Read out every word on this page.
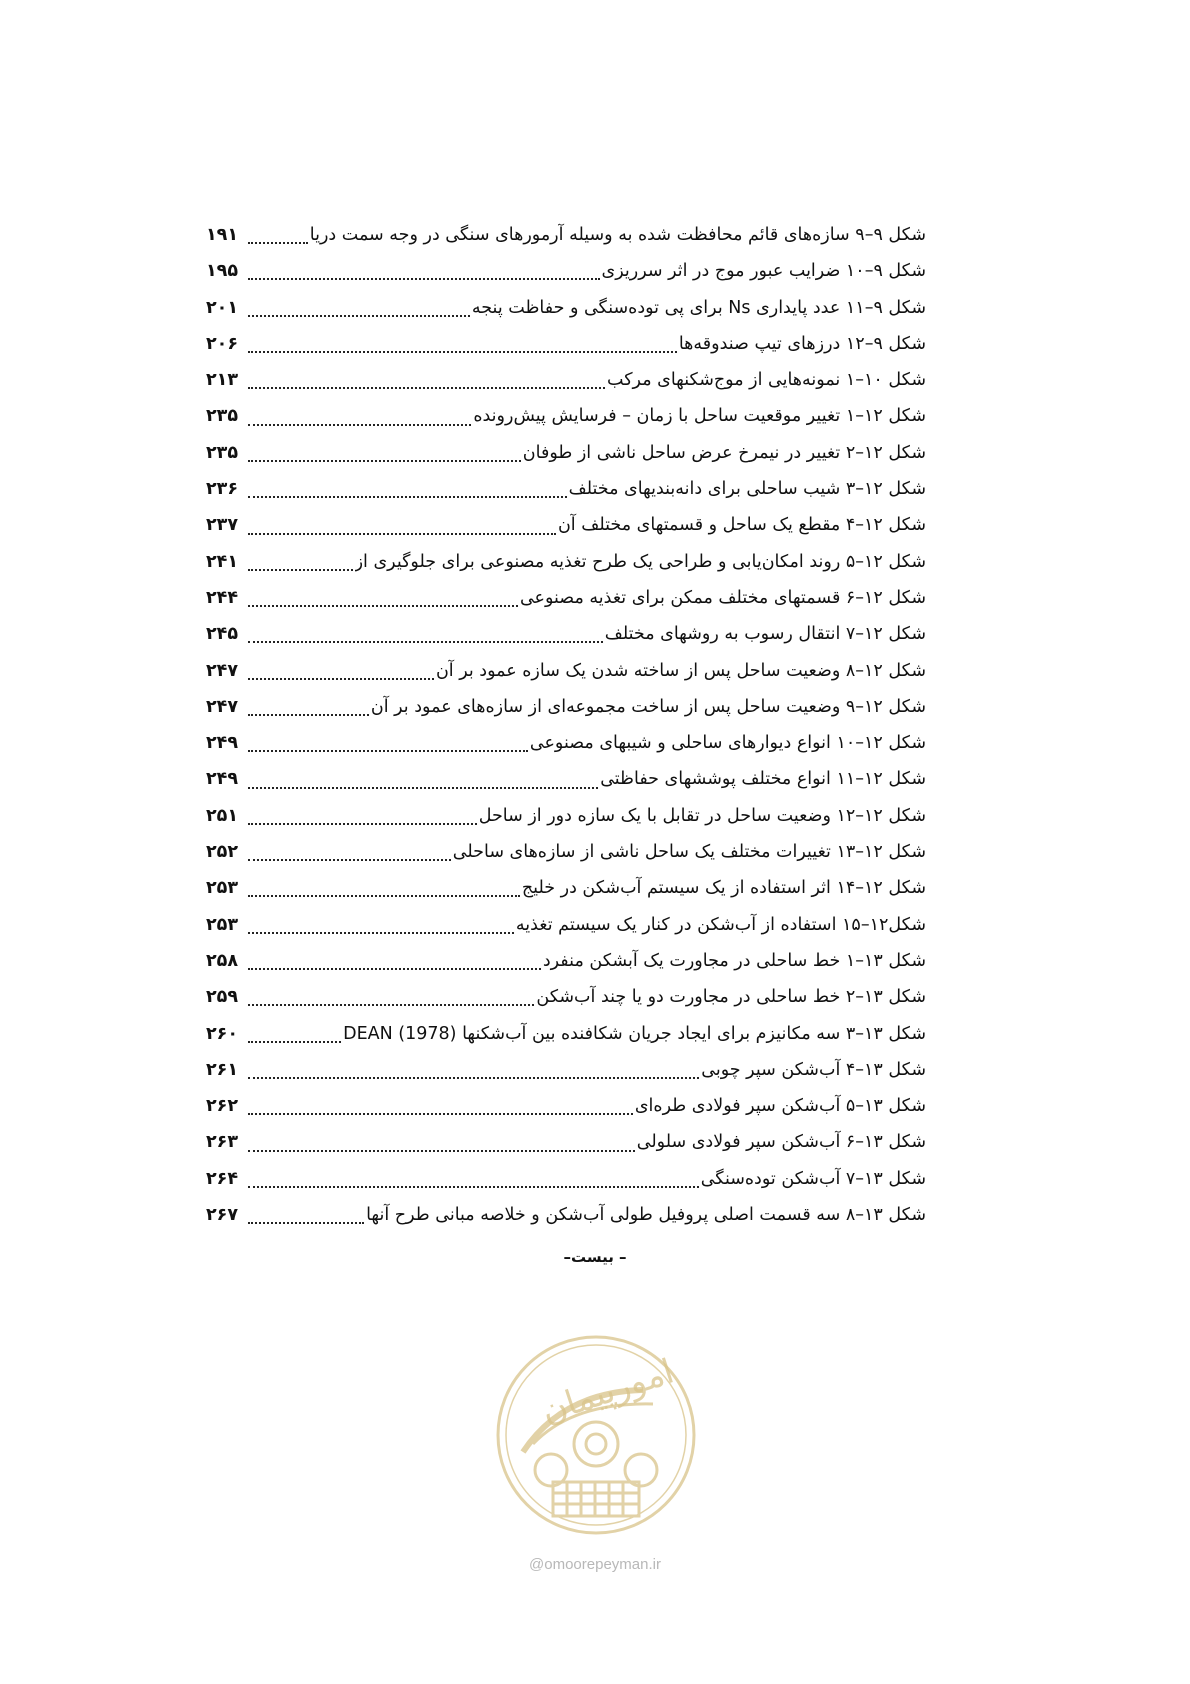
شکل ۹–۹ سازه‌های قائم محافظت شده به وسیله آرمورهای سنگی در وجه سمت دریا
۱۹۱
شکل ۹–۱۰ ضرایب عبور موج در اثر سرریزی
۱۹۵
شکل ۹–۱۱ عدد پایداری Ns برای پی توده‌سنگی و حفاظت پنجه
۲۰۱
شکل ۹–۱۲ درزهای تیپ صندوقه‌ها
۲۰۶
شکل ۱۰–۱ نمونه‌هایی از موج‌شکنهای مرکب
۲۱۳
شکل ۱۲–۱ تغییر موقعیت ساحل با زمان – فرسایش پیش‌رونده
۲۳۵
شکل ۱۲–۲ تغییر در نیمرخ عرض ساحل ناشی از طوفان
۲۳۵
شکل ۱۲–۳ شیب ساحلی برای دانه‌بندیهای مختلف
۲۳۶
شکل ۱۲–۴ مقطع یک ساحل و قسمتهای مختلف آن
۲۳۷
شکل ۱۲–۵ روند امکان‌یابی و طراحی یک طرح تغذیه مصنوعی برای جلوگیری از
۲۴۱
شکل ۱۲–۶ قسمتهای مختلف ممکن برای تغذیه مصنوعی
۲۴۴
شکل ۱۲–۷ انتقال رسوب به روشهای مختلف
۲۴۵
شکل ۱۲–۸ وضعیت ساحل پس از ساخته شدن یک سازه عمود بر آن
۲۴۷
شکل ۱۲–۹ وضعیت ساحل پس از ساخت مجموعه‌ای از سازه‌های عمود بر آن
۲۴۷
شکل ۱۲–۱۰ انواع دیوارهای ساحلی و شیبهای مصنوعی
۲۴۹
شکل ۱۲–۱۱ انواع مختلف پوششهای حفاظتی
۲۴۹
شکل ۱۲–۱۲ وضعیت ساحل در تقابل با یک سازه دور از ساحل
۲۵۱
شکل ۱۲–۱۳ تغییرات مختلف یک ساحل ناشی از سازه‌های ساحلی
۲۵۲
شکل ۱۲–۱۴ اثر استفاده از یک سیستم آب‌شکن در خلیج
۲۵۳
شکل۱۲–۱۵ استفاده از آب‌شکن در کنار یک سیستم تغذیه
۲۵۳
شکل ۱۳–۱ خط ساحلی در مجاورت یک آبشکن منفرد
۲۵۸
شکل ۱۳–۲ خط ساحلی در مجاورت دو یا چند آب‌شکن
۲۵۹
شکل ۱۳–۳ سه مکانیزم برای ایجاد جریان شکافنده بین آب‌شکنها DEAN (1978)
۲۶۰
شکل ۱۳–۴ آب‌شکن سپر چوبی
۲۶۱
شکل ۱۳–۵ آب‌شکن سپر فولادی طره‌ای
۲۶۲
شکل ۱۳–۶ آب‌شکن سپر فولادی سلولی
۲۶۳
شکل ۱۳–۷ آب‌شکن توده‌سنگی
۲۶۴
شکل ۱۳–۸ سه قسمت اصلی پروفیل طولی آب‌شکن و خلاصه مبانی طرح آنها
۲۶۷
– بیست–
امورپیمان
@omoorepeyman.ir
